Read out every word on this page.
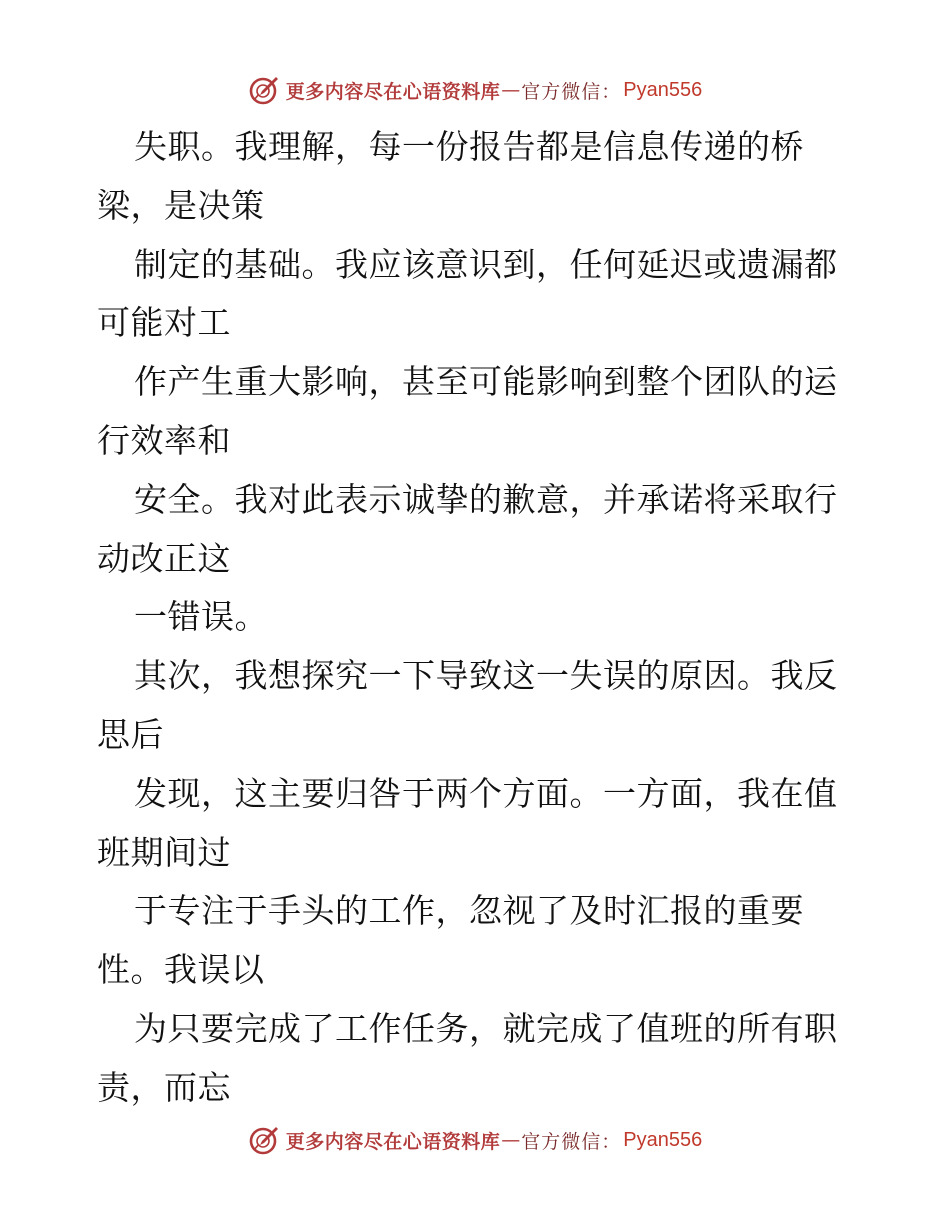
更多内容尽在心语资料库 — 官方微信： Pyan556
失职。我理解，每一份报告都是信息传递的桥
梁，是决策
制定的基础。我应该意识到，任何延迟或遗漏都
可能对工
作产生重大影响，甚至可能影响到整个团队的运
行效率和
安全。我对此表示诚挚的歉意，并承诺将采取行
动改正这
一错误。
其次，我想探究一下导致这一失误的原因。我反
思后
发现，这主要归咎于两个方面。一方面，我在值
班期间过
于专注于手头的工作，忽视了及时汇报的重要
性。我误以
为只要完成了工作任务，就完成了值班的所有职
责，而忘
更多内容尽在心语资料库 — 官方微信： Pyan556
